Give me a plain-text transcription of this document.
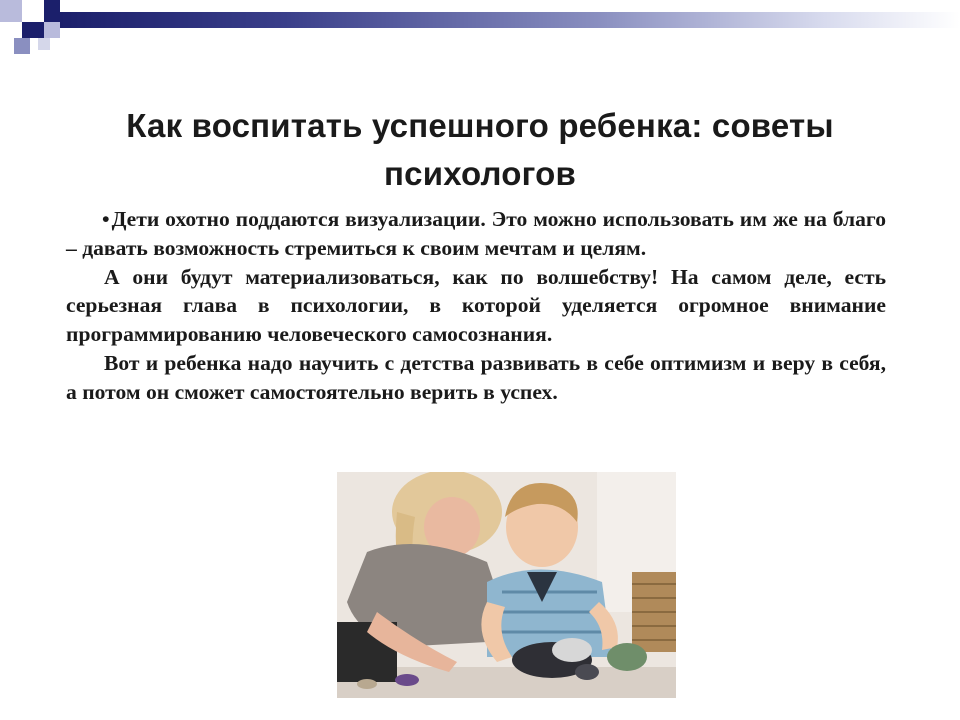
Как воспитать успешного ребенка: советы психологов

•Дети охотно поддаются визуализации. Это можно использовать им же на благо – давать возможность стремиться к своим мечтам и целям.

А они будут материализоваться, как по волшебству! На самом деле, есть серьезная глава в психологии, в которой уделяется огромное внимание программированию человеческого самосознания.

Вот и ребенка надо научить с детства развивать в себе оптимизм и веру в себя, а потом он сможет самостоятельно верить в успех.
